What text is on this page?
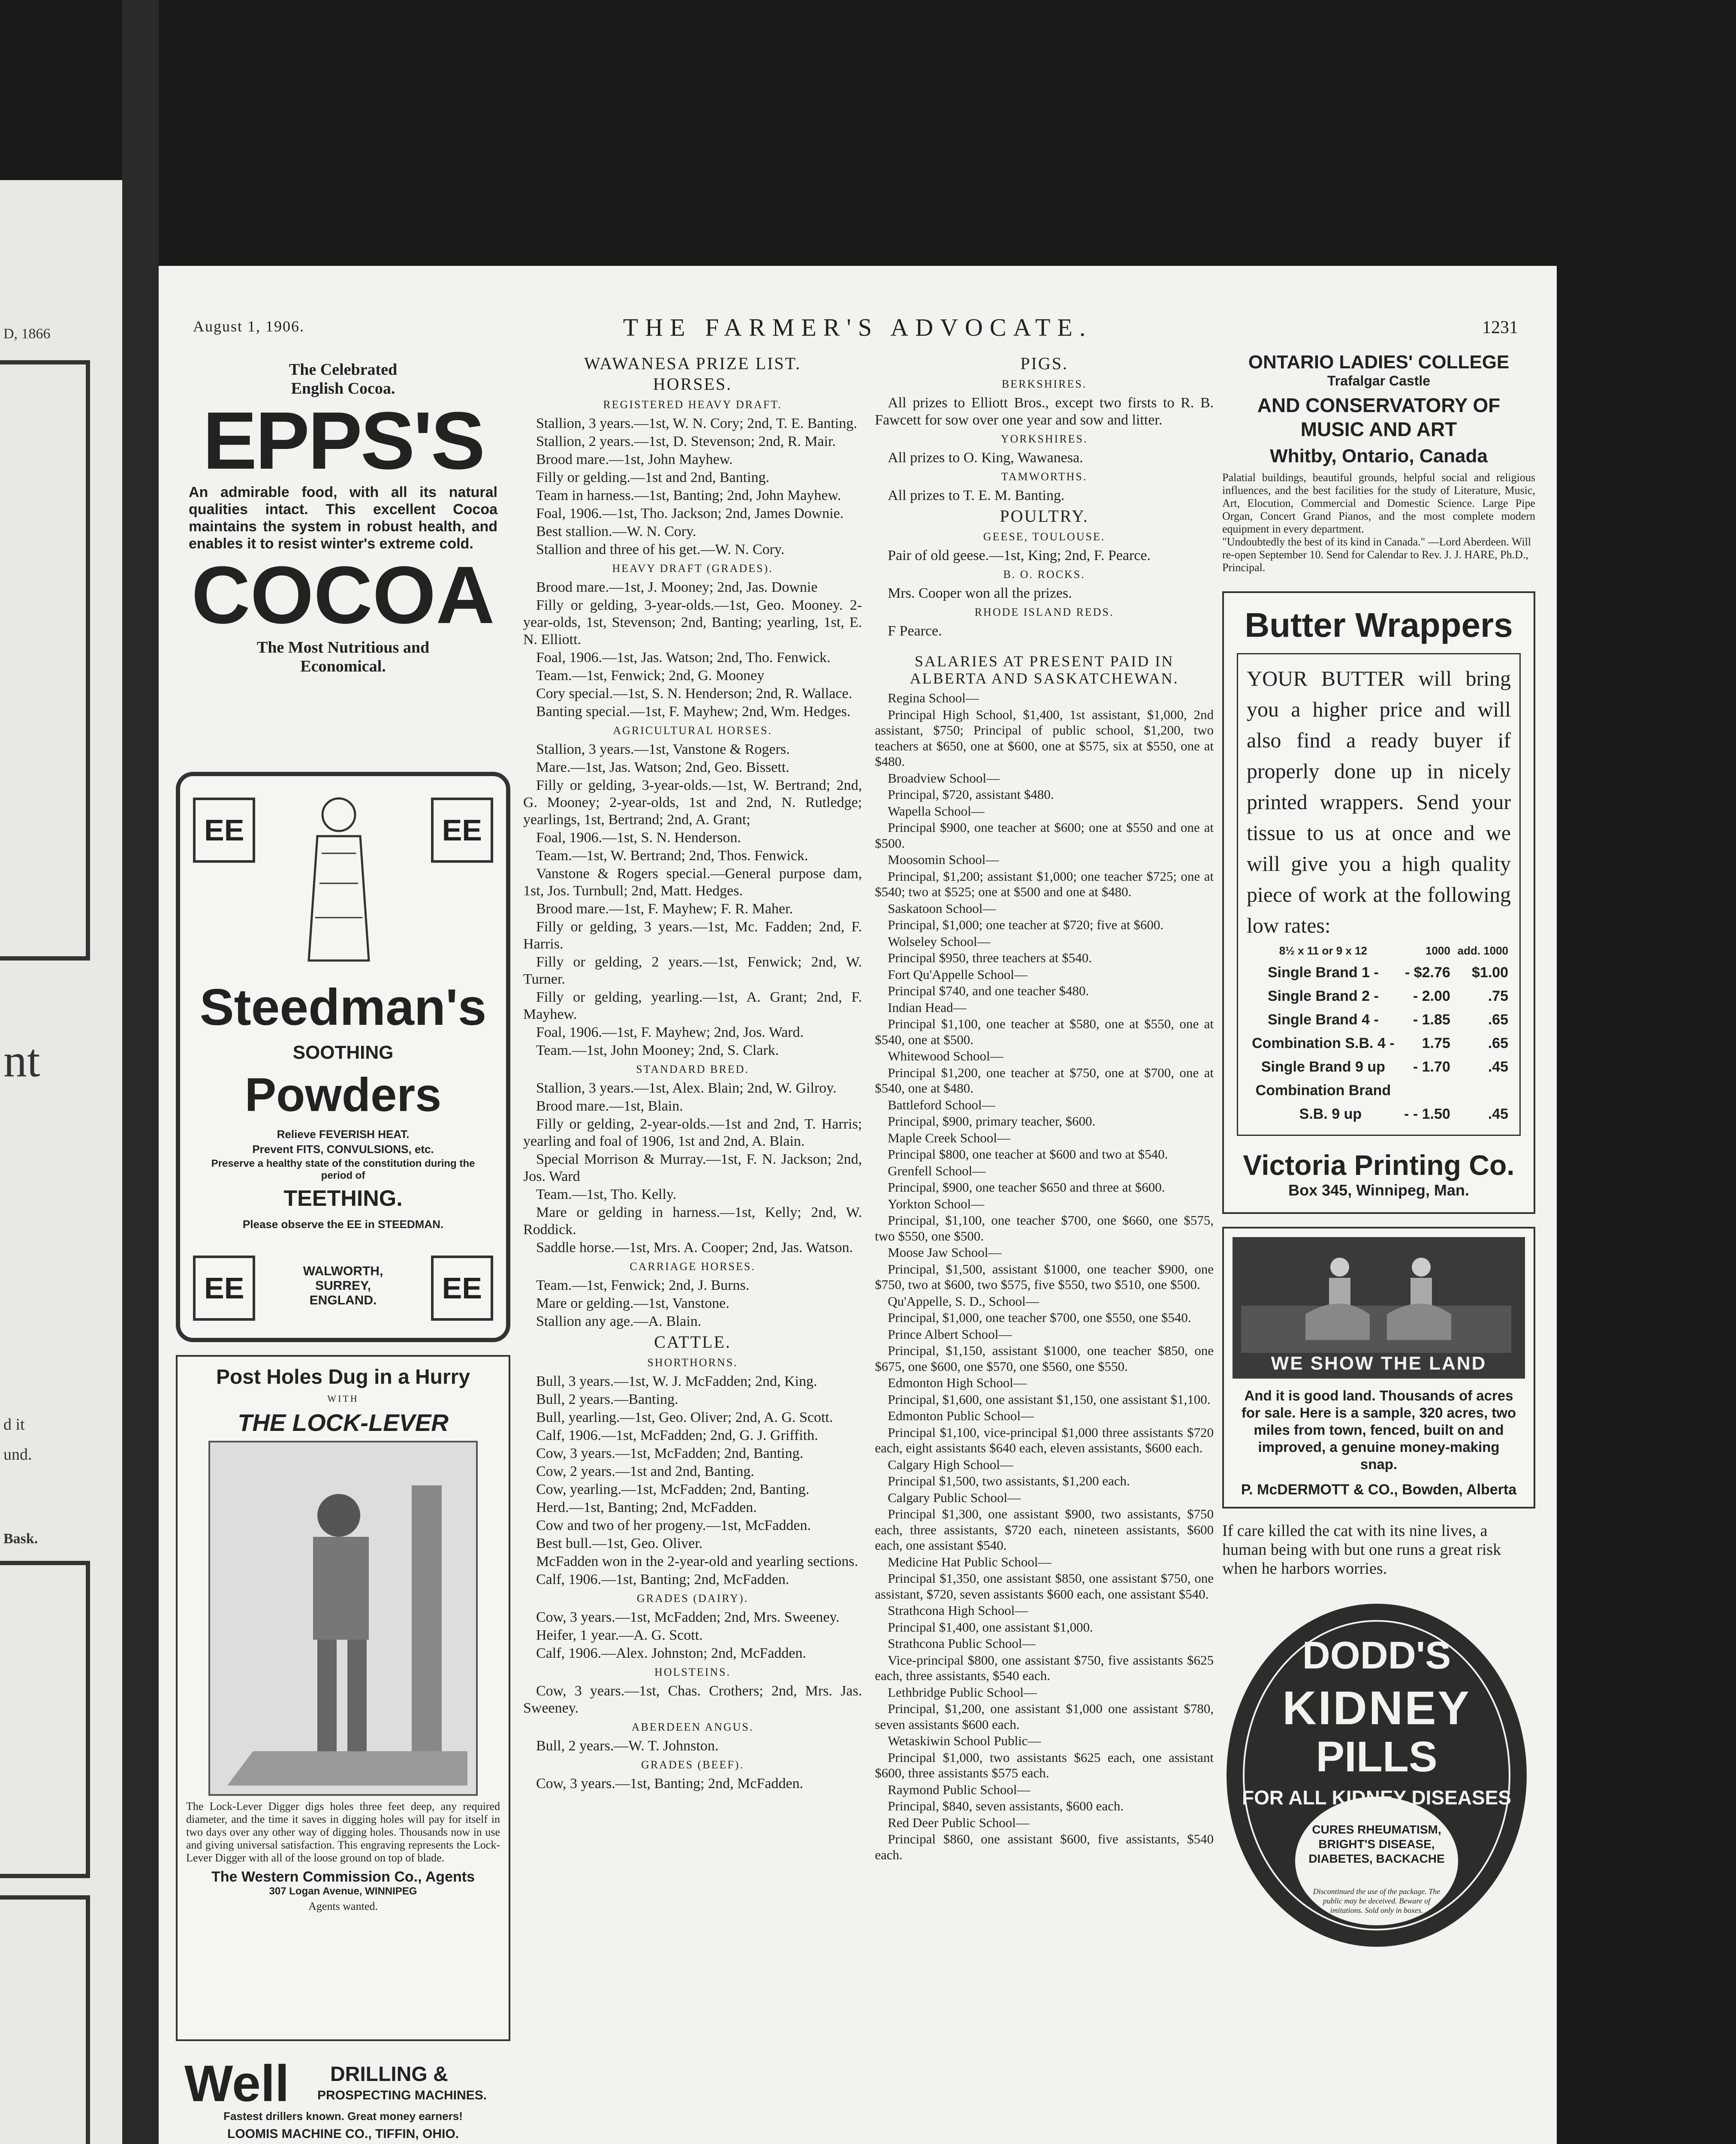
D, 1866
nt
d it
und.
Bask.
August 1, 1906.	THE FARMER'S ADVOCATE.	1231
The Celebrated English Cocoa.
EPPS'S
An admirable food, with all its natural qualities intact. This excellent Cocoa maintains the system in robust health, and enables it to resist winter's extreme cold.
COCOA
The Most Nutritious and Economical.
EE	EE
Steedman's
SOOTHING
Powders
Relieve FEVERISH HEAT.
Prevent FITS, CONVULSIONS, etc.
Preserve a healthy state of the constitution during the period of
TEETHING.
Please observe the EE in STEEDMAN.
EE
WALWORTH, SURREY, ENGLAND.	EE
Post Holes Dug in a Hurry
WITH
THE LOCK-LEVER
The Lock-Lever Digger digs holes three feet deep, any required diameter, and the time it saves in digging holes will pay for itself in two days over any other way of digging holes. Thousands now in use and giving universal satisfaction. This engraving represents the Lock-Lever Digger with all of the loose ground on top of blade.
The Western Commission Co., Agents
307 Logan Avenue, WINNIPEG
Agents wanted.
Well DRILLING &
PROSPECTING MACHINES.
Fastest drillers known. Great money earners!
LOOMIS MACHINE CO., TIFFIN, OHIO.
WAWANESA PRIZE LIST.
HORSES.
REGISTERED HEAVY DRAFT.

Stallion, 3 years.—1st, W. N. Cory; 2nd, T. E. Banting.

Stallion, 2 years.—1st, D. Stevenson; 2nd, R. Mair.

Brood mare.—1st, John Mayhew.

Filly or gelding.—1st and 2nd, Banting.

Team in harness.—1st, Banting; 2nd, John Mayhew.

Foal, 1906.—1st, Tho. Jackson; 2nd, James Downie.

Best stallion.—W. N. Cory.

Stallion and three of his get.—W. N. Cory.

HEAVY DRAFT (GRADES).

Brood mare.—1st, J. Mooney; 2nd, Jas. Downie

Filly or gelding, 3-year-olds.—1st, Geo. Mooney. 2-year-olds, 1st, Stevenson; 2nd, Banting; yearling, 1st, E. N. Elliott.

Foal, 1906.—1st, Jas. Watson; 2nd, Tho. Fenwick.

Team.—1st, Fenwick; 2nd, G. Mooney

Cory special.—1st, S. N. Henderson; 2nd, R. Wallace.

Banting special.—1st, F. Mayhew; 2nd, Wm. Hedges.

AGRICULTURAL HORSES.

Stallion, 3 years.—1st, Vanstone & Rogers.

Mare.—1st, Jas. Watson; 2nd, Geo. Bissett.

Filly or gelding, 3-year-olds.—1st, W. Bertrand; 2nd, G. Mooney; 2-year-olds, 1st and 2nd, N. Rutledge; yearlings, 1st, Bertrand; 2nd, A. Grant;

Foal, 1906.—1st, S. N. Henderson.

Team.—1st, W. Bertrand; 2nd, Thos. Fenwick.

Vanstone & Rogers special.—General purpose dam, 1st, Jos. Turnbull; 2nd, Matt. Hedges.

Brood mare.—1st, F. Mayhew; F. R. Maher.

Filly or gelding, 3 years.—1st, Mc. Fadden; 2nd, F. Harris.

Filly or gelding, 2 years.—1st, Fenwick; 2nd, W. Turner.

Filly or gelding, yearling.—1st, A. Grant; 2nd, F. Mayhew.

Foal, 1906.—1st, F. Mayhew; 2nd, Jos. Ward.

Team.—1st, John Mooney; 2nd, S. Clark.

STANDARD BRED.

Stallion, 3 years.—1st, Alex. Blain; 2nd, W. Gilroy.

Brood mare.—1st, Blain.

Filly or gelding, 2-year-olds.—1st and 2nd, T. Harris; yearling and foal of 1906, 1st and 2nd, A. Blain.

Special Morrison & Murray.—1st, F. N. Jackson; 2nd, Jos. Ward

Team.—1st, Tho. Kelly.

Mare or gelding in harness.—1st, Kelly; 2nd, W. Roddick.

Saddle horse.—1st, Mrs. A. Cooper; 2nd, Jas. Watson.

CARRIAGE HORSES.

Team.—1st, Fenwick; 2nd, J. Burns.

Mare or gelding.—1st, Vanstone.

Stallion any age.—A. Blain.

CATTLE.
SHORTHORNS.

Bull, 3 years.—1st, W. J. McFadden; 2nd, King.

Bull, 2 years.—Banting.

Bull, yearling.—1st, Geo. Oliver; 2nd, A. G. Scott.

Calf, 1906.—1st, McFadden; 2nd, G. J. Griffith.

Cow, 3 years.—1st, McFadden; 2nd, Banting.

Cow, 2 years.—1st and 2nd, Banting.

Cow, yearling.—1st, McFadden; 2nd, Banting.

Herd.—1st, Banting; 2nd, McFadden.

Cow and two of her progeny.—1st, McFadden.

Best bull.—1st, Geo. Oliver.

McFadden won in the 2-year-old and yearling sections.

Calf, 1906.—1st, Banting; 2nd, McFadden.

GRADES (DAIRY).

Cow, 3 years.—1st, McFadden; 2nd, Mrs. Sweeney.

Heifer, 1 year.—A. G. Scott.

Calf, 1906.—Alex. Johnston; 2nd, McFadden.

HOLSTEINS.

Cow, 3 years.—1st, Chas. Crothers; 2nd, Mrs. Jas. Sweeney.

ABERDEEN ANGUS.

Bull, 2 years.—W. T. Johnston.

GRADES (BEEF).

Cow, 3 years.—1st, Banting; 2nd, McFadden.

PIGS.
BERKSHIRES.

All prizes to Elliott Bros., except two firsts to R. B. Fawcett for sow over one year and sow and litter.

YORKSHIRES.

All prizes to O. King, Wawanesa.

TAMWORTHS.

All prizes to T. E. M. Banting.

POULTRY.
GEESE, TOULOUSE.

Pair of old geese.—1st, King; 2nd, F. Pearce.

B. O. ROCKS.

Mrs. Cooper won all the prizes.

RHODE ISLAND REDS.

F Pearce.

SALARIES AT PRESENT PAID IN ALBERTA AND SASKATCHEWAN.

Regina School—

Principal High School, $1,400, 1st assistant, $1,000, 2nd assistant, $750; Principal of public school, $1,200, two teachers at $650, one at $600, one at $575, six at $550, one at $480.

Broadview School—

Principal, $720, assistant $480.

Wapella School—

Principal $900, one teacher at $600; one at $550 and one at $500.

Moosomin School—

Principal, $1,200; assistant $1,000; one teacher $725; one at $540; two at $525; one at $500 and one at $480.

Saskatoon School—

Principal, $1,000; one teacher at $720; five at $600.

Wolseley School—

Principal $950, three teachers at $540.

Fort Qu'Appelle School—

Principal $740, and one teacher $480.

Indian Head—

Principal $1,100, one teacher at $580, one at $550, one at $540, one at $500.

Whitewood School—

Principal $1,200, one teacher at $750, one at $700, one at $540, one at $480.

Battleford School—

Principal, $900, primary teacher, $600.

Maple Creek School—

Principal $800, one teacher at $600 and two at $540.

Grenfell School—

Principal, $900, one teacher $650 and three at $600.

Yorkton School—

Principal, $1,100, one teacher $700, one $660, one $575, two $550, one $500.

Moose Jaw School—

Principal, $1,500, assistant $1000, one teacher $900, one $750, two at $600, two $575, five $550, two $510, one $500.

Qu'Appelle, S. D., School—

Principal, $1,000, one teacher $700, one $550, one $540.

Prince Albert School—

Principal, $1,150, assistant $1000, one teacher $850, one $675, one $600, one $570, one $560, one $550.

Edmonton High School—

Principal, $1,600, one assistant $1,150, one assistant $1,100.

Edmonton Public School—

Principal $1,100, vice-principal $1,000 three assistants $720 each, eight assistants $640 each, eleven assistants, $600 each.

Calgary High School—

Principal $1,500, two assistants, $1,200 each.

Calgary Public School—

Principal $1,300, one assistant $900, two assistants, $750 each, three assistants, $720 each, nineteen assistants, $600 each, one assistant $540.

Medicine Hat Public School—

Principal $1,350, one assistant $850, one assistant $750, one assistant, $720, seven assistants $600 each, one assistant $540.

Strathcona High School—

Principal $1,400, one assistant $1,000.

Strathcona Public School—

Vice-principal $800, one assistant $750, five assistants $625 each, three assistants, $540 each.

Lethbridge Public School—

Principal, $1,200, one assistant $1,000 one assistant $780, seven assistants $600 each.

Wetaskiwin School Public—

Principal $1,000, two assistants $625 each, one assistant $600, three assistants $575 each.

Raymond Public School—

Principal, $840, seven assistants, $600 each.

Red Deer Public School—

Principal $860, one assistant $600, five assistants, $540 each.

ONTARIO LADIES' COLLEGE
Trafalgar Castle
AND CONSERVATORY OF MUSIC AND ART
Whitby, Ontario, Canada
Palatial buildings, beautiful grounds, helpful social and religious influences, and the best facilities for the study of Literature, Music, Art, Elocution, Commercial and Domestic Science. Large Pipe Organ, Concert Grand Pianos, and the most complete modern equipment in every department.
"Undoubtedly the best of its kind in Canada." —Lord Aberdeen. Will re-open September 10. Send for Calendar to Rev. J. J. HARE, Ph.D., Principal.
Butter Wrappers
YOUR BUTTER will bring you a higher price and will also find a ready buyer if properly done up in nicely printed wrappers. Send your tissue to us at once and we will give you a high quality piece of work at the following low rates:
8½ x 11 or 9 x 12	1000	add. 1000
Single Brand 1 -	- $2.76	$1.00
Single Brand 2 -	- 2.00	.75
Single Brand 4 -	- 1.85	.65
Combination S.B. 4 -	1.75	.65
Single Brand 9 up	- 1.70	.45
Combination Brand		
S.B. 9 up	- - 1.50	.45
Victoria Printing Co.
Box 345, Winnipeg, Man.
WE SHOW THE LAND
And it is good land. Thousands of acres for sale. Here is a sample, 320 acres, two miles from town, fenced, built on and improved, a genuine money-making snap.
P. McDERMOTT & CO., Bowden, Alberta
If care killed the cat with its nine lives, a human being with but one runs a great risk when he harbors worries.
DODD'S
KIDNEY
PILLS
FOR ALL KIDNEY DISEASES
CURES RHEUMATISM, BRIGHT'S DISEASE, DIABETES, BACKACHE
Discontinued the use of the package. The public may be deceived. Beware of imitations. Sold only in boxes.
